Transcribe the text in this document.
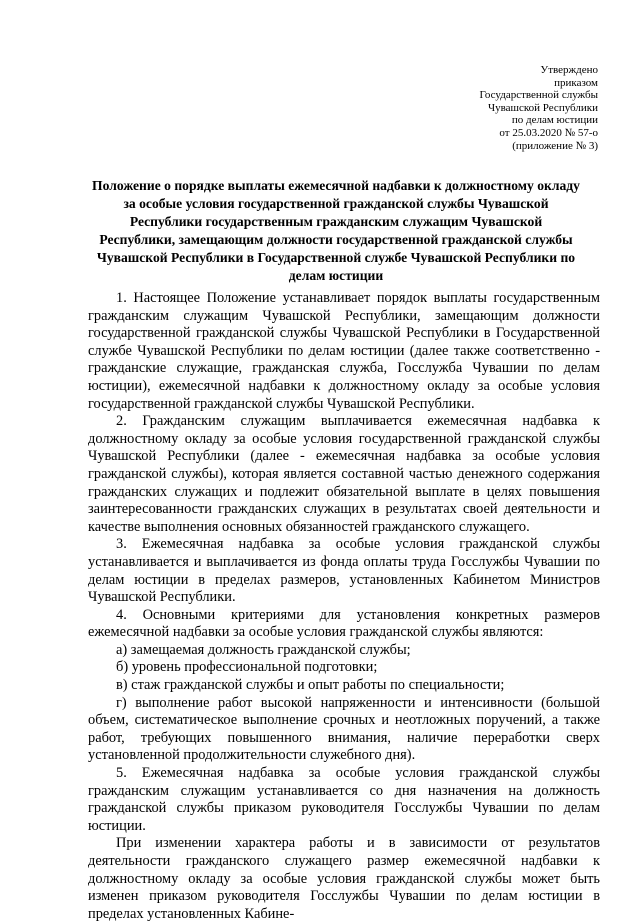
Утверждено
приказом
Государственной службы
Чувашской Республики
по делам юстиции
от 25.03.2020 № 57-о
(приложение № 3)
Положение о порядке выплаты ежемесячной надбавки к должностному окладу за особые условия государственной гражданской службы Чувашской Республики государственным гражданским служащим Чувашской Республики, замещающим должности государственной гражданской службы Чувашской Республики в Государственной службе Чувашской Республики по делам юстиции

1. Настоящее Положение устанавливает порядок выплаты государственным гражданским служащим Чувашской Республики, замещающим должности государственной гражданской службы Чувашской Республики в Государственной службе Чувашской Республики по делам юстиции (далее также соответственно - гражданские служащие, гражданская служба, Госслужба Чувашии по делам юстиции), ежемесячной надбавки к должностному окладу за особые условия государственной гражданской службы Чувашской Республики.

2. Гражданским служащим выплачивается ежемесячная надбавка к должностному окладу за особые условия государственной гражданской службы Чувашской Республики (далее - ежемесячная надбавка за особые условия гражданской службы), которая является составной частью денежного содержания гражданских служащих и подлежит обязательной выплате в целях повышения заинтересованности гражданских служащих в результатах своей деятельности и качестве выполнения основных обязанностей гражданского служащего.

3. Ежемесячная надбавка за особые условия гражданской службы устанавливается и выплачивается из фонда оплаты труда Госслужбы Чувашии по делам юстиции в пределах размеров, установленных Кабинетом Министров Чувашской Республики.

4. Основными критериями для установления конкретных размеров ежемесячной надбавки за особые условия гражданской службы являются:

а) замещаемая должность гражданской службы;

б) уровень профессиональной подготовки;

в) стаж гражданской службы и опыт работы по специальности;

г) выполнение работ высокой напряженности и интенсивности (большой объем, систематическое выполнение срочных и неотложных поручений, а также работ, требующих повышенного внимания, наличие переработки сверх установленной продолжительности служебного дня).

5. Ежемесячная надбавка за особые условия гражданской службы гражданским служащим устанавливается со дня назначения на должность гражданской службы приказом руководителя Госслужбы Чувашии по делам юстиции.

При изменении характера работы и в зависимости от результатов деятельности гражданского служащего размер ежемесячной надбавки к должностному окладу за особые условия гражданской службы может быть изменен приказом руководителя Госслужбы Чувашии по делам юстиции в пределах установленных Кабине-
